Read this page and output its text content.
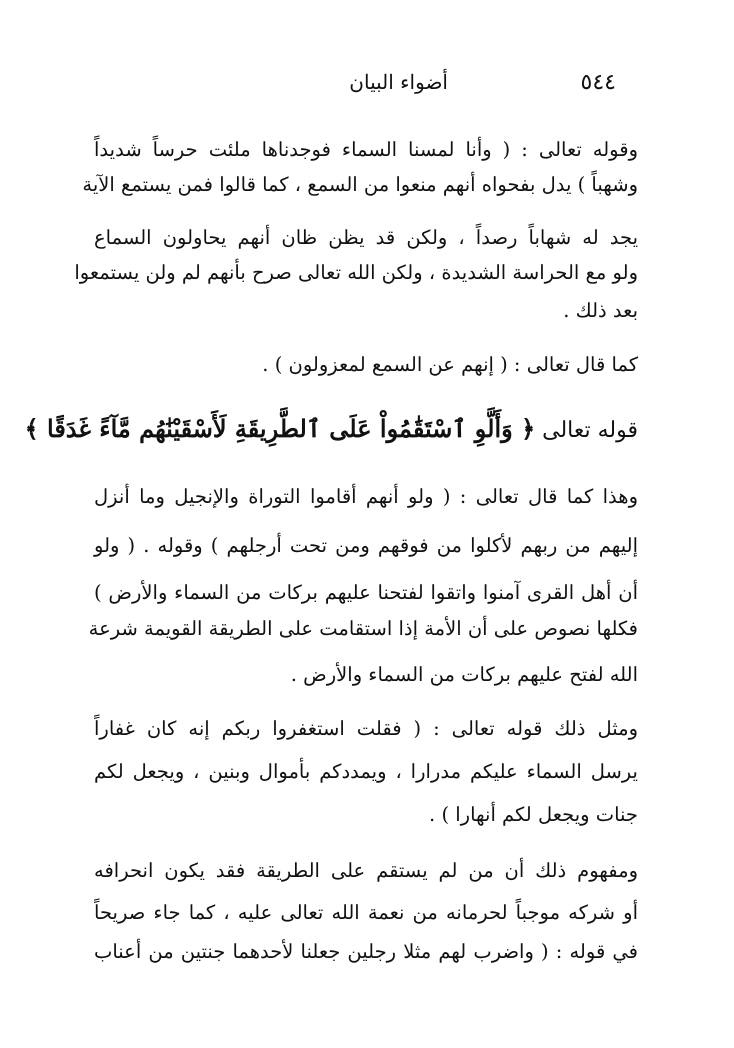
٥٤٤
أضواء البيان
وقوله تعالى : ( وأنا لمسنا السماء فوجدناها ملئت حرساً شديداً
وشهباً ) يدل بفحواه أنهم منعوا من السمع ، كما قالوا فمن يستمع الآية
يجد له شهاباً رصداً ، ولكن قد يظن ظان أنهم يحاولون السماع
ولو مع الحراسة الشديدة ، ولكن الله تعالى صرح بأنهم لم ولن يستمعوا
بعد ذلك .
كما قال تعالى : ( إنهم عن السمع لمعزولون ) .
قوله تعالى ﴿ وَأَلَّوِ ٱسْتَقَٰمُواْ عَلَى ٱلطَّرِيقَةِ لَأَسْقَيْنَٰهُم مَّآءً غَدَقًا ﴾
وهذا كما قال تعالى : ( ولو أنهم أقاموا التوراة والإنجيل وما أنزل
إليهم من ربهم لأكلوا من فوقهم ومن تحت أرجلهم ) وقوله . ( ولو
أن أهل القرى آمنوا واتقوا لفتحنا عليهم بركات من السماء والأرض )
فكلها نصوص على أن الأمة إذا استقامت على الطريقة القويمة شرعة
الله لفتح عليهم بركات من السماء والأرض .
ومثل ذلك قوله تعالى : ( فقلت استغفروا ربكم إنه كان غفاراً
يرسل السماء عليكم مدرارا ، ويمددكم بأموال وبنين ، ويجعل لكم
جنات ويجعل لكم أنهارا ) .
ومفهوم ذلك أن من لم يستقم على الطريقة فقد يكون انحرافه
أو شركه موجباً لحرمانه من نعمة الله تعالى عليه ، كما جاء صريحاً
في قوله : ( واضرب لهم مثلا رجلين جعلنا لأحدهما جنتين من أعناب
